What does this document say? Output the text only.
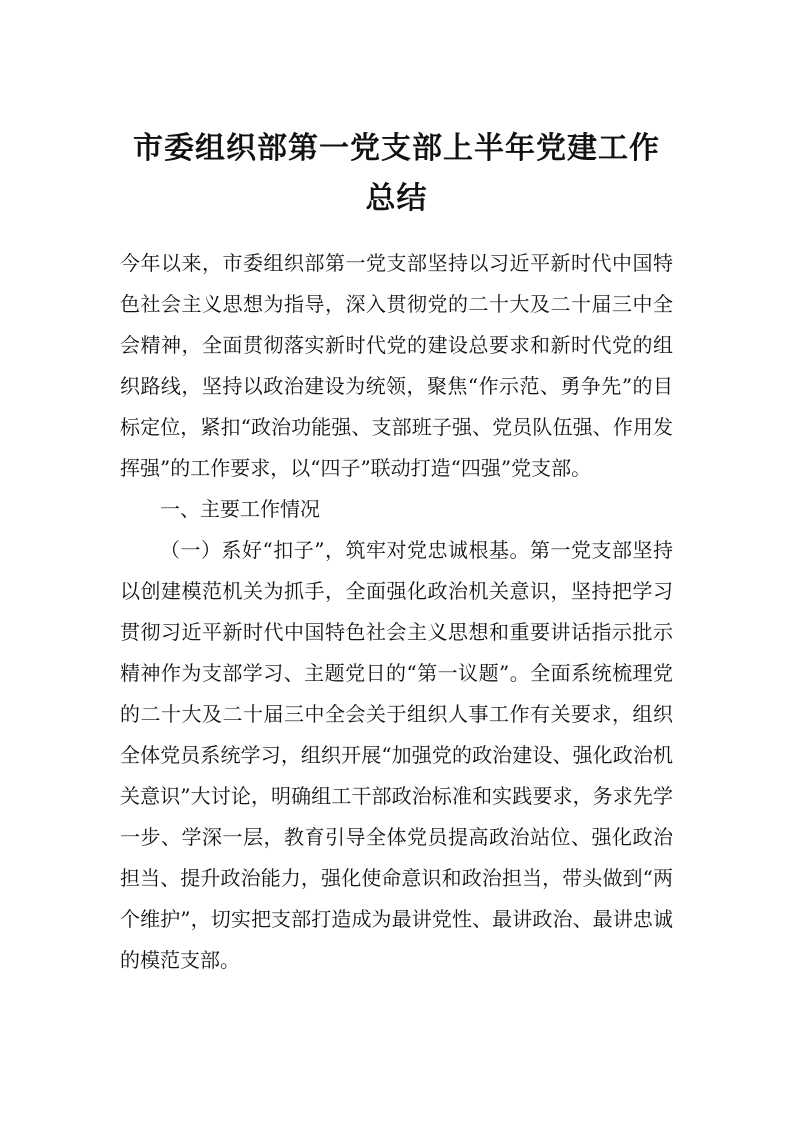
市委组织部第一党支部上半年党建工作总结

今年以来，市委组织部第一党支部坚持以习近平新时代中国特色社会主义思想为指导，深入贯彻党的二十大及二十届三中全会精神，全面贯彻落实新时代党的建设总要求和新时代党的组织路线，坚持以政治建设为统领，聚焦“作示范、勇争先”的目标定位，紧扣“政治功能强、支部班子强、党员队伍强、作用发挥强”的工作要求，以“四子”联动打造“四强”党支部。

一、主要工作情况

（一）系好“扣子”，筑牢对党忠诚根基。第一党支部坚持以创建模范机关为抓手，全面强化政治机关意识，坚持把学习贯彻习近平新时代中国特色社会主义思想和重要讲话指示批示精神作为支部学习、主题党日的“第一议题”。全面系统梳理党的二十大及二十届三中全会关于组织人事工作有关要求，组织全体党员系统学习，组织开展“加强党的政治建设、强化政治机关意识”大讨论，明确组工干部政治标准和实践要求，务求先学一步、学深一层，教育引导全体党员提高政治站位、强化政治担当、提升政治能力，强化使命意识和政治担当，带头做到“两个维护”，切实把支部打造成为最讲党性、最讲政治、最讲忠诚的模范支部。
